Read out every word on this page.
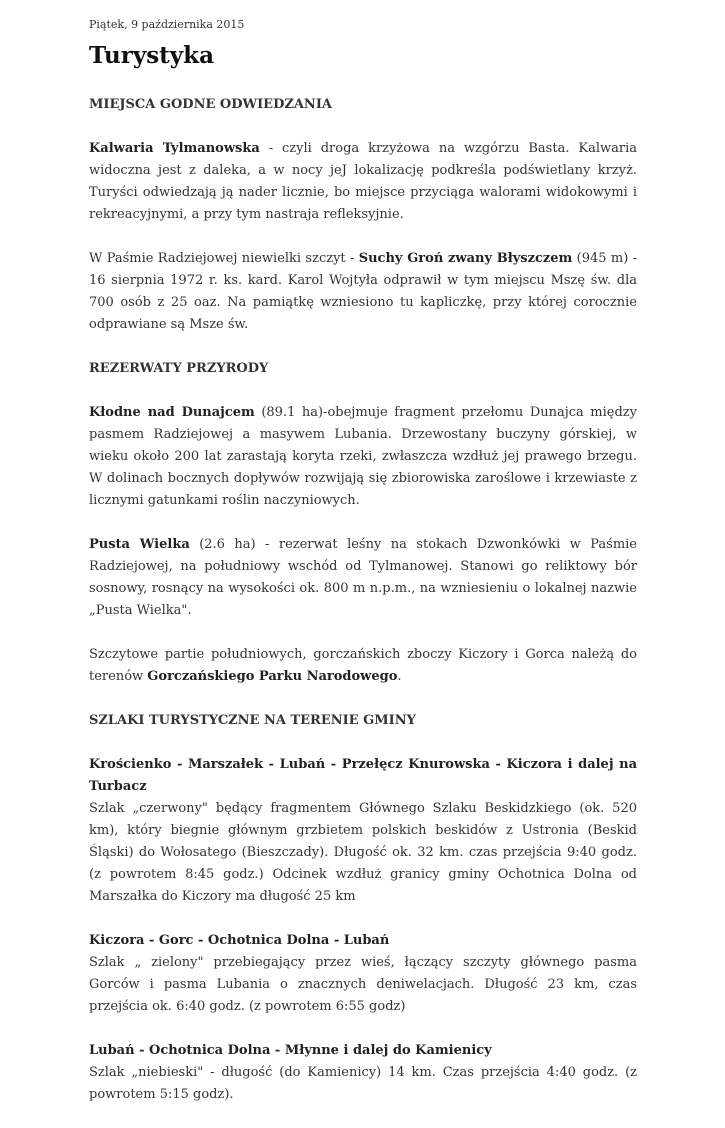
Piątek, 9 października 2015
Turystyka

MIEJSCA GODNE ODWIEDZANIA

Kalwaria Tylmanowska - czyli droga krzyżowa na wzgórzu Basta. Kalwaria widoczna jest z daleka, a w nocy jeJ lokalizację podkreśla podświetlany krzyż. Turyści odwiedzają ją nader licznie, bo miejsce przyciąga walorami widokowymi i rekreacyjnymi, a przy tym nastraja refleksyjnie.

W Paśmie Radziejowej niewielki szczyt - Suchy Groń zwany Błyszczem (945 m) - 16 sierpnia 1972 r. ks. kard. Karol Wojtyła odprawił w tym miejscu Mszę św. dla 700 osób z 25 oaz. Na pamiątkę wzniesiono tu kapliczkę, przy której corocznie odprawiane są Msze św.

REZERWATY PRZYRODY

Kłodne nad Dunajcem (89.1 ha)-obejmuje fragment przełomu Dunajca między pasmem Radziejowej a masywem Lubania. Drzewostany buczyny górskiej, w wieku około 200 lat zarastają koryta rzeki, zwłaszcza wzdłuż jej prawego brzegu. W dolinach bocznych dopływów rozwijają się zbiorowiska zaroślowe i krzewiaste z licznymi gatunkami roślin naczyniowych.

Pusta Wielka (2.6 ha) - rezerwat leśny na stokach Dzwonkówki w Paśmie Radziejowej, na południowy wschód od Tylmanowej. Stanowi go reliktowy bór sosnowy, rosnący na wysokości ok. 800 m n.p.m., na wzniesieniu o lokalnej nazwie „Pusta Wielka".

Szczytowe partie południowych, gorczańskich zboczy Kiczory i Gorca należą do terenów Gorczańskiego Parku Narodowego.

SZLAKI TURYSTYCZNE NA TERENIE GMINY

Krościenko - Marszałek - Lubań - Przełęcz Knurowska - Kiczora i dalej na Turbacz
Szlak „czerwony" będący fragmentem Głównego Szlaku Beskidzkiego (ok. 520 km), który biegnie głównym grzbietem polskich beskidów z Ustronia (Beskid Śląski) do Wołosatego (Bieszczady). Długość ok. 32 km. czas przejścia 9:40 godz. (z powrotem 8:45 godz.) Odcinek wzdłuż granicy gminy Ochotnica Dolna od Marszałka do Kiczory ma długość 25 km

Kiczora - Gorc - Ochotnica Dolna - Lubań
Szlak „ zielony" przebiegający przez wieś, łączący szczyty głównego pasma Gorców i pasma Lubania o znacznych deniwelacjach. Długość 23 km, czas przejścia ok. 6:40 godz. (z powrotem 6:55 godz)

Lubań - Ochotnica Dolna - Młynne i dalej do Kamienicy
Szlak „niebieski" - długość (do Kamienicy) 14 km. Czas przejścia 4:40 godz. (z powrotem 5:15 godz).
